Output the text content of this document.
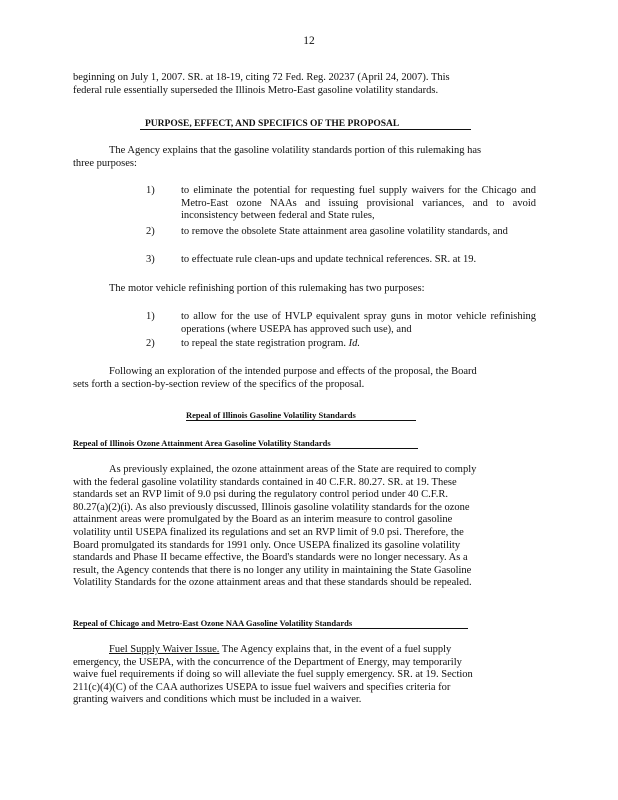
12
beginning on July 1, 2007. SR. at 18-19, citing 72 Fed. Reg. 20237 (April 24, 2007). This
federal rule essentially superseded the Illinois Metro-East gasoline volatility standards.
PURPOSE, EFFECT, AND SPECIFICS OF THE PROPOSAL
The Agency explains that the gasoline volatility standards portion of this rulemaking has
three purposes:
1)	to eliminate the potential for requesting fuel supply waivers for the Chicago and Metro-East ozone NAAs and issuing provisional variances, and to avoid inconsistency between federal and State rules,
2)	to remove the obsolete State attainment area gasoline volatility standards, and
3)	to effectuate rule clean-ups and update technical references. SR. at 19.
The motor vehicle refinishing portion of this rulemaking has two purposes:
1)	to allow for the use of HVLP equivalent spray guns in motor vehicle refinishing operations (where USEPA has approved such use), and
2)	to repeal the state registration program. Id.
Following an exploration of the intended purpose and effects of the proposal, the Board
sets forth a section-by-section review of the specifics of the proposal.
Repeal of Illinois Gasoline Volatility Standards
Repeal of Illinois Ozone Attainment Area Gasoline Volatility Standards
As previously explained, the ozone attainment areas of the State are required to comply
with the federal gasoline volatility standards contained in 40 C.F.R. 80.27. SR. at 19. These
standards set an RVP limit of 9.0 psi during the regulatory control period under 40 C.F.R.
80.27(a)(2)(i). As also previously discussed, Illinois gasoline volatility standards for the ozone
attainment areas were promulgated by the Board as an interim measure to control gasoline
volatility until USEPA finalized its regulations and set an RVP limit of 9.0 psi. Therefore, the
Board promulgated its standards for 1991 only. Once USEPA finalized its gasoline volatility
standards and Phase II became effective, the Board's standards were no longer necessary. As a
result, the Agency contends that there is no longer any utility in maintaining the State Gasoline
Volatility Standards for the ozone attainment areas and that these standards should be repealed.
Repeal of Chicago and Metro-East Ozone NAA Gasoline Volatility Standards
Fuel Supply Waiver Issue. The Agency explains that, in the event of a fuel supply
emergency, the USEPA, with the concurrence of the Department of Energy, may temporarily
waive fuel requirements if doing so will alleviate the fuel supply emergency. SR. at 19. Section
211(c)(4)(C) of the CAA authorizes USEPA to issue fuel waivers and specifies criteria for
granting waivers and conditions which must be included in a waiver.
